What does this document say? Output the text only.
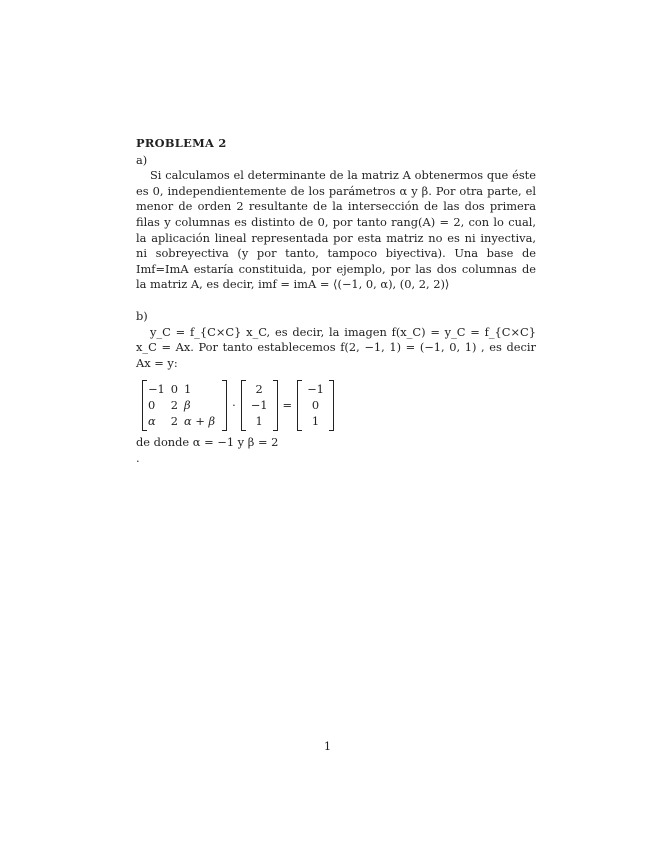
PROBLEMA 2
a)

Si calculamos el determinante de la matriz A obtenermos que éste es 0, independientemente de los parámetros α y β. Por otra parte, el menor de orden 2 resultante de la intersección de las dos primera filas y columnas es distinto de 0, por tanto rang(A) = 2, con lo cual, la aplicación lineal representada por esta matriz no es ni inyectiva, ni sobreyectiva (y por tanto, tampoco biyectiva). Una base de Imf=ImA estaría constituida, por ejemplo, por las dos columnas de la matriz A, es decir, imf = imA = ⟨(−1, 0, α), (0, 2, 2)⟩

b)

y_C = f_{C×C} x_C, es decir, la imagen f(x_C) = y_C = f_{C×C} x_C = Ax. Por tanto establecemos f(2, −1, 1) = (−1, 0, 1) , es decir Ax = y:

−1	0	1
0	2	β
α	2	α + β
·
2
−1
1
=
−1
0
1
de donde α = −1 y β = 2
.
1
